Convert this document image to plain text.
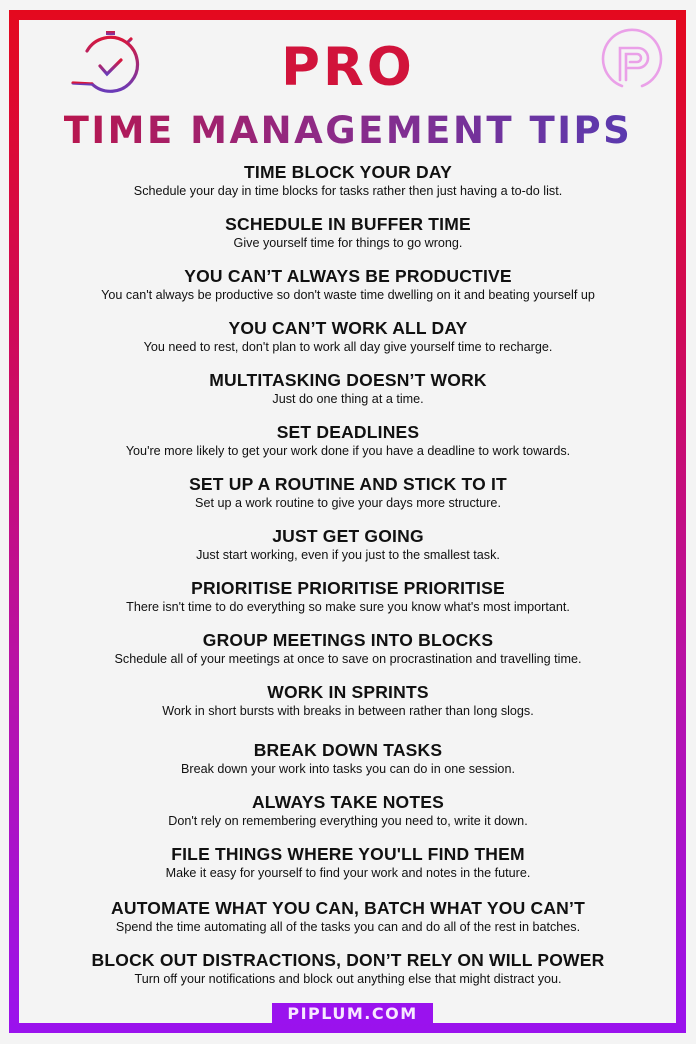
PRO
TIME MANAGEMENT TIPS

TIME BLOCK YOUR DAY

Schedule your day in time blocks for tasks rather then just having a to-do list.

SCHEDULE IN BUFFER TIME

Give yourself time for things to go wrong.

YOU CAN’T ALWAYS BE PRODUCTIVE

You can't always be productive so don't waste time dwelling on it and beating yourself up

YOU CAN’T WORK ALL DAY

You need to rest, don't plan to work all day give yourself time to recharge.

MULTITASKING DOESN’T WORK

Just do one thing at a time.

SET DEADLINES

You're more likely to get your work done if you have a deadline to work towards.

SET UP A ROUTINE AND STICK TO IT

Set up a work routine to give your days more structure.

JUST GET GOING

Just start working, even if you just to the smallest task.

PRIORITISE PRIORITISE PRIORITISE

There isn't time to do everything so make sure you know what's most important.

GROUP MEETINGS INTO BLOCKS

Schedule all of your meetings at once to save on procrastination and travelling time.

WORK IN SPRINTS

Work in short bursts with breaks in between rather than long slogs.

BREAK DOWN TASKS

Break down your work into tasks you can do in one session.

ALWAYS TAKE NOTES

Don't rely on remembering everything you need to, write it down.

FILE THINGS WHERE YOU'LL FIND THEM

Make it easy for yourself to find your work and notes in the future.

AUTOMATE WHAT YOU CAN, BATCH WHAT YOU CAN’T

Spend the time automating all of the tasks you can and do all of the rest in batches.

BLOCK OUT DISTRACTIONS, DON’T RELY ON WILL POWER

Turn off your notifications and block out anything else that might distract you.

PIPLUM.COM
